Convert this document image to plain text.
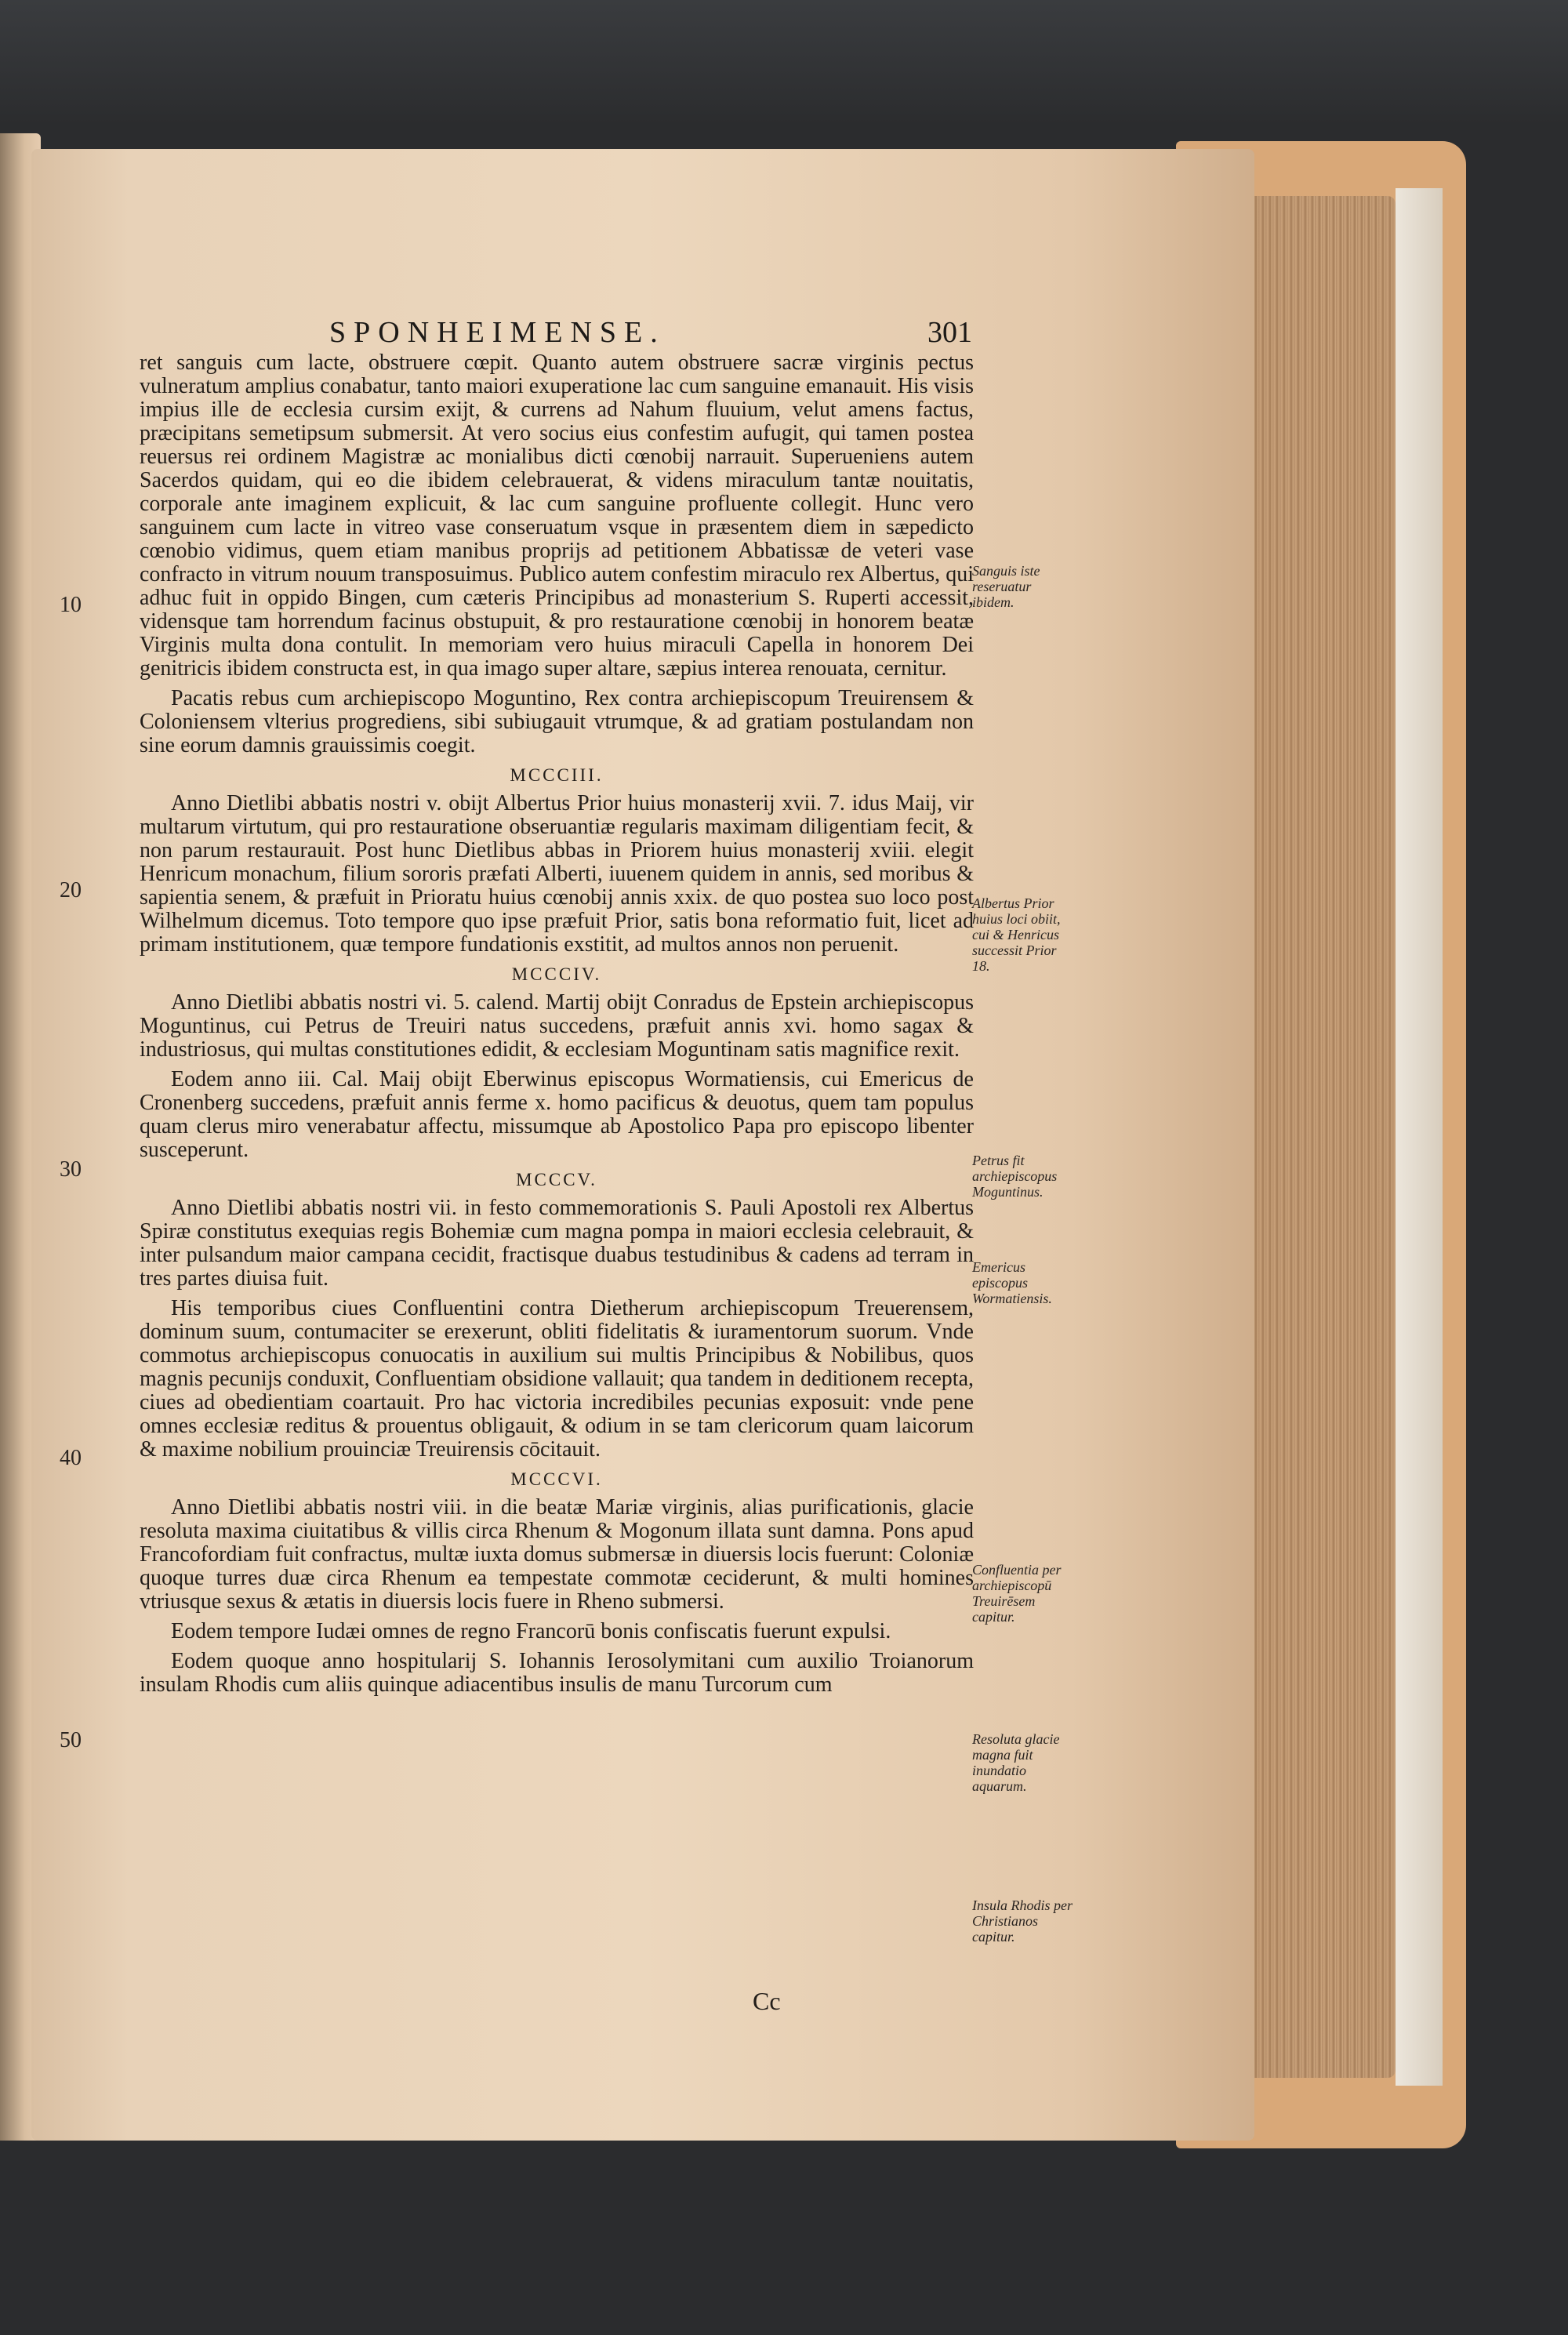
SPONHEIMENSE.	301

ret sanguis cum lacte, obstruere cœpit. Quanto autem obstruere sacræ virginis pectus vulneratum amplius conabatur, tanto maiori exuperatione lac cum sanguine emanauit. His visis impius ille de ecclesia cursim exijt, & currens ad Nahum fluuium, velut amens factus, præcipitans semetipsum submersit. At vero socius eius confestim aufugit, qui tamen postea reuersus rei ordinem Magistræ ac monialibus dicti cœnobij narrauit. Superueniens autem Sacerdos quidam, qui eo die ibidem celebrauerat, & videns miraculum tantæ nouitatis, corporale ante imaginem explicuit, & lac cum sanguine profluente collegit. Hunc vero sanguinem cum lacte in vitreo vase conseruatum vsque in præsentem diem in sæpedicto cœnobio vidimus, quem etiam manibus proprijs ad petitionem Abbatissæ de veteri vase confracto in vitrum nouum transposuimus. Publico autem confestim miraculo rex Albertus, qui adhuc fuit in oppido Bingen, cum cæteris Principibus ad monasterium S. Ruperti accessit, vidensque tam horrendum facinus obstupuit, & pro restauratione cœnobij in honorem beatæ Virginis multa dona contulit. In memoriam vero huius miraculi Capella in honorem Dei genitricis ibidem constructa est, in qua imago super altare, sæpius interea renouata, cernitur.

Pacatis rebus cum archiepiscopo Moguntino, Rex contra archiepiscopum Treuirensem & Coloniensem vlterius progrediens, sibi subiugauit vtrumque, & ad gratiam postulandam non sine eorum damnis grauissimis coegit.

MCCCIII.

Anno Dietlibi abbatis nostri v. obijt Albertus Prior huius monasterij xvii. 7. idus Maij, vir multarum virtutum, qui pro restauratione obseruantiæ regularis maximam diligentiam fecit, & non parum restaurauit. Post hunc Dietlibus abbas in Priorem huius monasterij xviii. elegit Henricum monachum, filium sororis præfati Alberti, iuuenem quidem in annis, sed moribus & sapientia senem, & præfuit in Prioratu huius cœnobij annis xxix. de quo postea suo loco post Wilhelmum dicemus. Toto tempore quo ipse præfuit Prior, satis bona reformatio fuit, licet ad primam institutionem, quæ tempore fundationis exstitit, ad multos annos non peruenit.

MCCCIV.

Anno Dietlibi abbatis nostri vi. 5. calend. Martij obijt Conradus de Epstein archiepiscopus Moguntinus, cui Petrus de Treuiri natus succedens, præfuit annis xvi. homo sagax & industriosus, qui multas constitutiones edidit, & ecclesiam Moguntinam satis magnifice rexit.

Eodem anno iii. Cal. Maij obijt Eberwinus episcopus Wormatiensis, cui Emericus de Cronenberg succedens, præfuit annis ferme x. homo pacificus & deuotus, quem tam populus quam clerus miro venerabatur affectu, missumque ab Apostolico Papa pro episcopo libenter susceperunt.

MCCCV.

Anno Dietlibi abbatis nostri vii. in festo commemorationis S. Pauli Apostoli rex Albertus Spiræ constitutus exequias regis Bohemiæ cum magna pompa in maiori ecclesia celebrauit, & inter pulsandum maior campana cecidit, fractisque duabus testudinibus & cadens ad terram in tres partes diuisa fuit.

His temporibus ciues Confluentini contra Dietherum archiepiscopum Treuerensem, dominum suum, contumaciter se erexerunt, obliti fidelitatis & iuramentorum suorum. Vnde commotus archiepiscopus conuocatis in auxilium sui multis Principibus & Nobilibus, quos magnis pecunijs conduxit, Confluentiam obsidione vallauit; qua tandem in deditionem recepta, ciues ad obedientiam coartauit. Pro hac victoria incredibiles pecunias exposuit: vnde pene omnes ecclesiæ reditus & prouentus obligauit, & odium in se tam clericorum quam laicorum & maxime nobilium prouinciæ Treuirensis cōcitauit.

MCCCVI.

Anno Dietlibi abbatis nostri viii. in die beatæ Mariæ virginis, alias purificationis, glacie resoluta maxima ciuitatibus & villis circa Rhenum & Mogonum illata sunt damna. Pons apud Francofordiam fuit confractus, multæ iuxta domus submersæ in diuersis locis fuerunt: Coloniæ quoque turres duæ circa Rhenum ea tempestate commotæ ceciderunt, & multi homines vtriusque sexus & ætatis in diuersis locis fuere in Rheno submersi.

Eodem tempore Iudæi omnes de regno Francorū bonis confiscatis fuerunt expulsi.

Eodem quoque anno hospitularij S. Iohannis Ierosolymitani cum auxilio Troianorum insulam Rhodis cum aliis quinque adiacentibus insulis de manu Turcorum cum

10
20
30
40
50
Sanguis iste reseruatur ibidem.
Albertus Prior huius loci obiit, cui & Henricus successit Prior 18.
Petrus fit archiepiscopus Moguntinus.
Emericus episcopus Wormatiensis.
Confluentia per archiepiscopū Treuirēsem capitur.
Resoluta glacie magna fuit inundatio aquarum.
Insula Rhodis per Christianos capitur.
Cc
